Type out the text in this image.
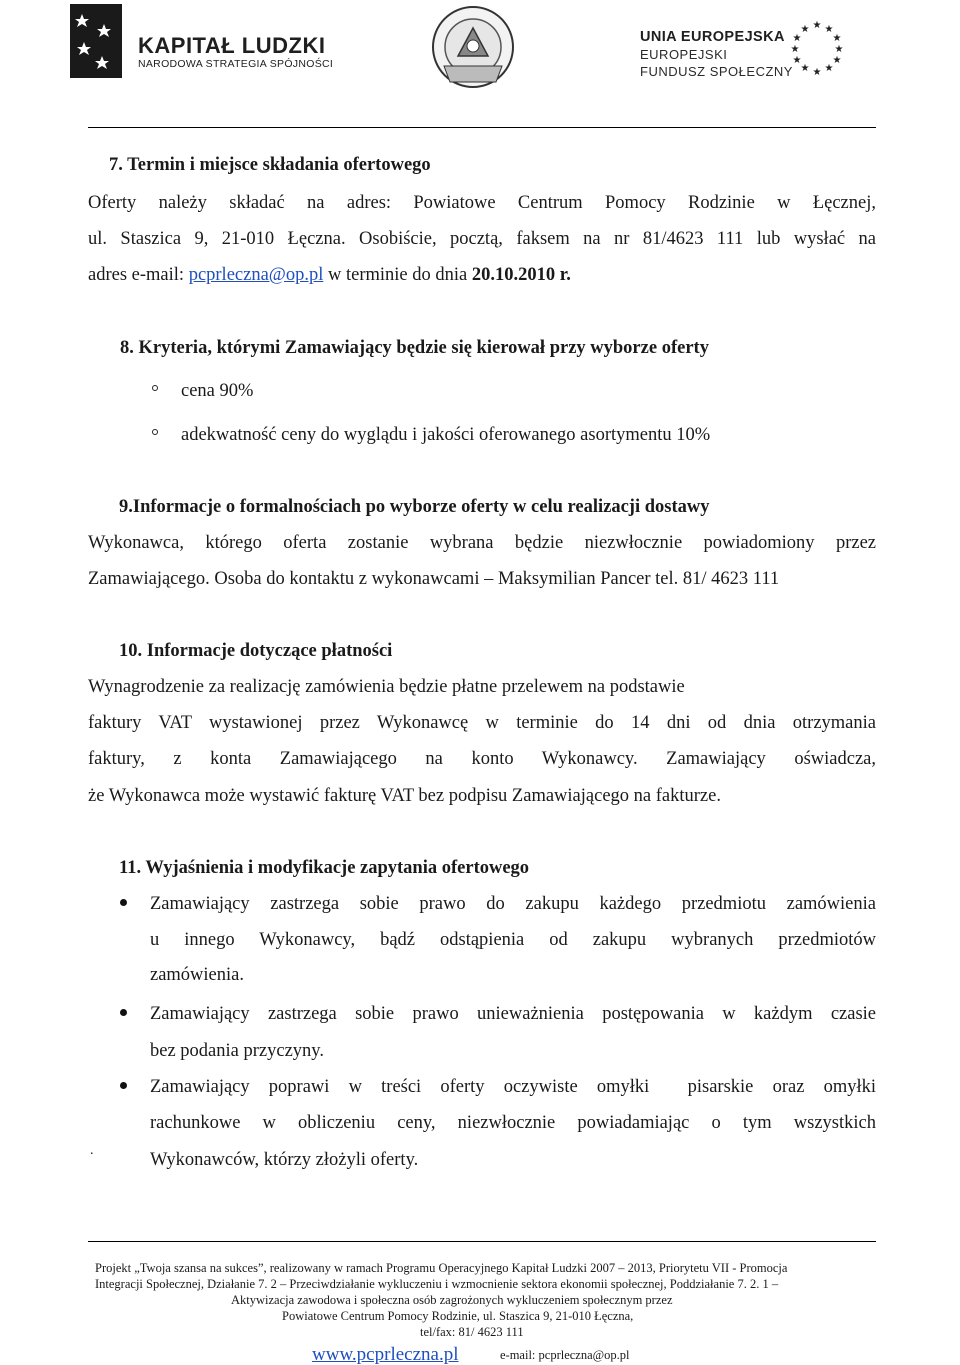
KAPITAŁ LUDZKI
NARODOWA STRATEGIA SPÓJNOŚCI
UNIA EUROPEJSKA
EUROPEJSKI
FUNDUSZ SPOŁECZNY
★ ★
★
★
★
★
★
★
★
★
★
★
7. Termin i miejsce składania ofertowego
Oferty należy składać na adres: Powiatowe Centrum Pomocy Rodzinie w Łęcznej,
ul. Staszica 9, 21-010 Łęczna. Osobiście, pocztą, faksem na nr 81/4623 111 lub wysłać na
adres e-mail: pcprleczna@op.pl w terminie do dnia 20.10.2010 r.
8. Kryteria, którymi Zamawiający będzie się kierował przy wyborze oferty
cena 90%
adekwatność ceny do wyglądu i jakości oferowanego asortymentu 10%
9.Informacje o formalnościach po wyborze oferty w celu realizacji dostawy
Wykonawca, którego oferta zostanie wybrana będzie niezwłocznie powiadomiony przez
Zamawiającego. Osoba do kontaktu z wykonawcami – Maksymilian Pancer tel. 81/ 4623 111
10. Informacje dotyczące płatności
Wynagrodzenie za realizację zamówienia będzie płatne przelewem na podstawie
faktury VAT wystawionej przez Wykonawcę w terminie do 14 dni od dnia otrzymania
faktury, z konta Zamawiającego na konto Wykonawcy. Zamawiający oświadcza,
że Wykonawca może wystawić fakturę VAT bez podpisu Zamawiającego na fakturze.
11. Wyjaśnienia i modyfikacje zapytania ofertowego
Zamawiający zastrzega sobie prawo do zakupu każdego przedmiotu zamówienia
u innego Wykonawcy, bądź odstąpienia od zakupu wybranych przedmiotów
zamówienia.
Zamawiający zastrzega sobie prawo unieważnienia postępowania w każdym czasie
bez podania przyczyny.
Zamawiający poprawi w treści oferty oczywiste omyłki  pisarskie oraz omyłki
rachunkowe w obliczeniu ceny, niezwłocznie powiadamiając o tym wszystkich
Wykonawców, którzy złożyli oferty.
.
Projekt „Twoja szansa na sukces”, realizowany w ramach Programu Operacyjnego Kapitał Ludzki 2007 – 2013, Priorytetu VII - Promocja
Integracji Społecznej, Działanie 7. 2 – Przeciwdziałanie wykluczeniu i wzmocnienie sektora ekonomii społecznej, Poddziałanie 7. 2. 1 –
Aktywizacja zawodowa i społeczna osób zagrożonych wykluczeniem społecznym przez
Powiatowe Centrum Pomocy Rodzinie, ul. Staszica 9, 21-010 Łęczna,
tel/fax: 81/ 4623 111
www.pcprleczna.pl	e-mail: pcprleczna@op.pl
